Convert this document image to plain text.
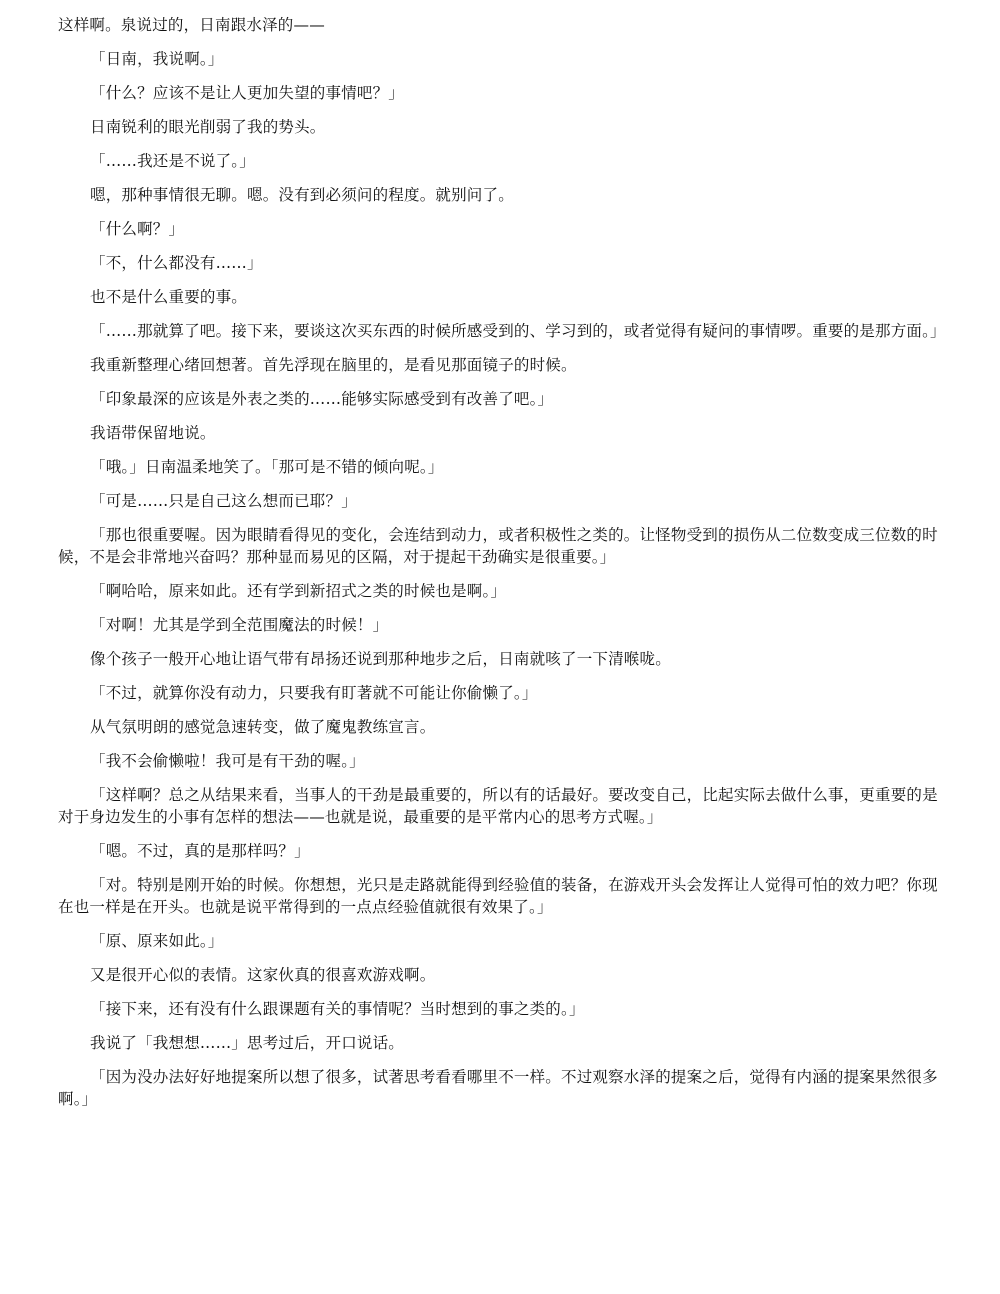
这样啊。泉说过的，日南跟水泽的——

「日南，我说啊。」

「什么？应该不是让人更加失望的事情吧？」

日南锐利的眼光削弱了我的势头。

「……我还是不说了。」

嗯，那种事情很无聊。嗯。没有到必须问的程度。就别问了。

「什么啊？」

「不，什么都没有……」

也不是什么重要的事。

「……那就算了吧。接下来，要谈这次买东西的时候所感受到的、学习到的，或者觉得有疑问的事情啰。重要的是那方面。」

我重新整理心绪回想著。首先浮现在脑里的，是看见那面镜子的时候。

「印象最深的应该是外表之类的……能够实际感受到有改善了吧。」

我语带保留地说。

「哦。」日南温柔地笑了。「那可是不错的倾向呢。」

「可是……只是自己这么想而已耶？」

「那也很重要喔。因为眼睛看得见的变化，会连结到动力，或者积极性之类的。让怪物受到的损伤从二位数变成三位数的时候，不是会非常地兴奋吗？那种显而易见的区隔，对于提起干劲确实是很重要。」

「啊哈哈，原来如此。还有学到新招式之类的时候也是啊。」

「对啊！尤其是学到全范围魔法的时候！」

像个孩子一般开心地让语气带有昂扬还说到那种地步之后，日南就咳了一下清喉咙。

「不过，就算你没有动力，只要我有盯著就不可能让你偷懒了。」

从气氛明朗的感觉急速转变，做了魔鬼教练宣言。

「我不会偷懒啦！我可是有干劲的喔。」

「这样啊？总之从结果来看，当事人的干劲是最重要的，所以有的话最好。要改变自己，比起实际去做什么事，更重要的是对于身边发生的小事有怎样的想法——也就是说，最重要的是平常内心的思考方式喔。」

「嗯。不过，真的是那样吗？」

「对。特别是刚开始的时候。你想想，光只是走路就能得到经验值的装备，在游戏开头会发挥让人觉得可怕的效力吧？你现在也一样是在开头。也就是说平常得到的一点点经验值就很有效果了。」

「原、原来如此。」

又是很开心似的表情。这家伙真的很喜欢游戏啊。

「接下来，还有没有什么跟课题有关的事情呢？当时想到的事之类的。」

我说了「我想想……」思考过后，开口说话。

「因为没办法好好地提案所以想了很多，试著思考看看哪里不一样。不过观察水泽的提案之后，觉得有内涵的提案果然很多啊。」
